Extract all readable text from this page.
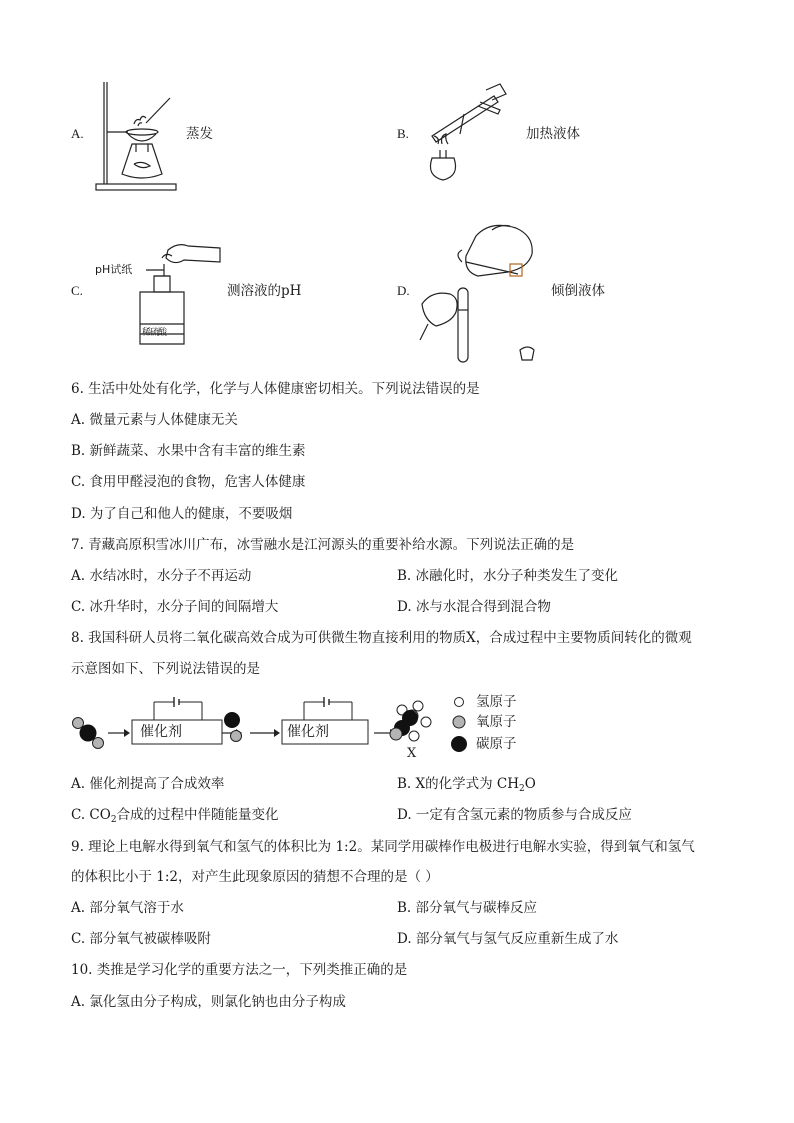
A.	蒸发	B.	加热液体
C.	测溶液的pH	D.	倾倒液体
pH试纸
稀硫酸
6. 生活中处处有化学，化学与人体健康密切相关。下列说法错误的是
A. 微量元素与人体健康无关
B. 新鲜蔬菜、水果中含有丰富的维生素
C. 食用甲醛浸泡的食物，危害人体健康
D. 为了自己和他人的健康，不要吸烟
7. 青藏高原积雪冰川广布，冰雪融水是江河源头的重要补给水源。下列说法正确的是
A. 水结冰时，水分子不再运动	B. 冰融化时，水分子种类发生了变化
C. 冰升华时，水分子间的间隔增大	D. 冰与水混合得到混合物
8. 我国科研人员将二氧化碳高效合成为可供微生物直接利用的物质X，合成过程中主要物质间转化的微观
示意图如下、下列说法错误的是
催化剂	催化剂
X
氢原子
氧原子
碳原子
A. 催化剂提高了合成效率	B. X的化学式为 $CH_2O$
C. $CO_2$合成的过程中伴随能量变化	D. 一定有含氢元素的物质参与合成反应
9. 理论上电解水得到氧气和氢气的体积比为 1:2。某同学用碳棒作电极进行电解水实验，得到氧气和氢气
的体积比小于 1:2，对产生此现象原因的猜想不合理的是（ ）
A. 部分氧气溶于水	B. 部分氧气与碳棒反应
C. 部分氧气被碳棒吸附	D. 部分氧气与氢气反应重新生成了水
10. 类推是学习化学的重要方法之一，下列类推正确的是
A. 氯化氢由分子构成，则氯化钠也由分子构成
